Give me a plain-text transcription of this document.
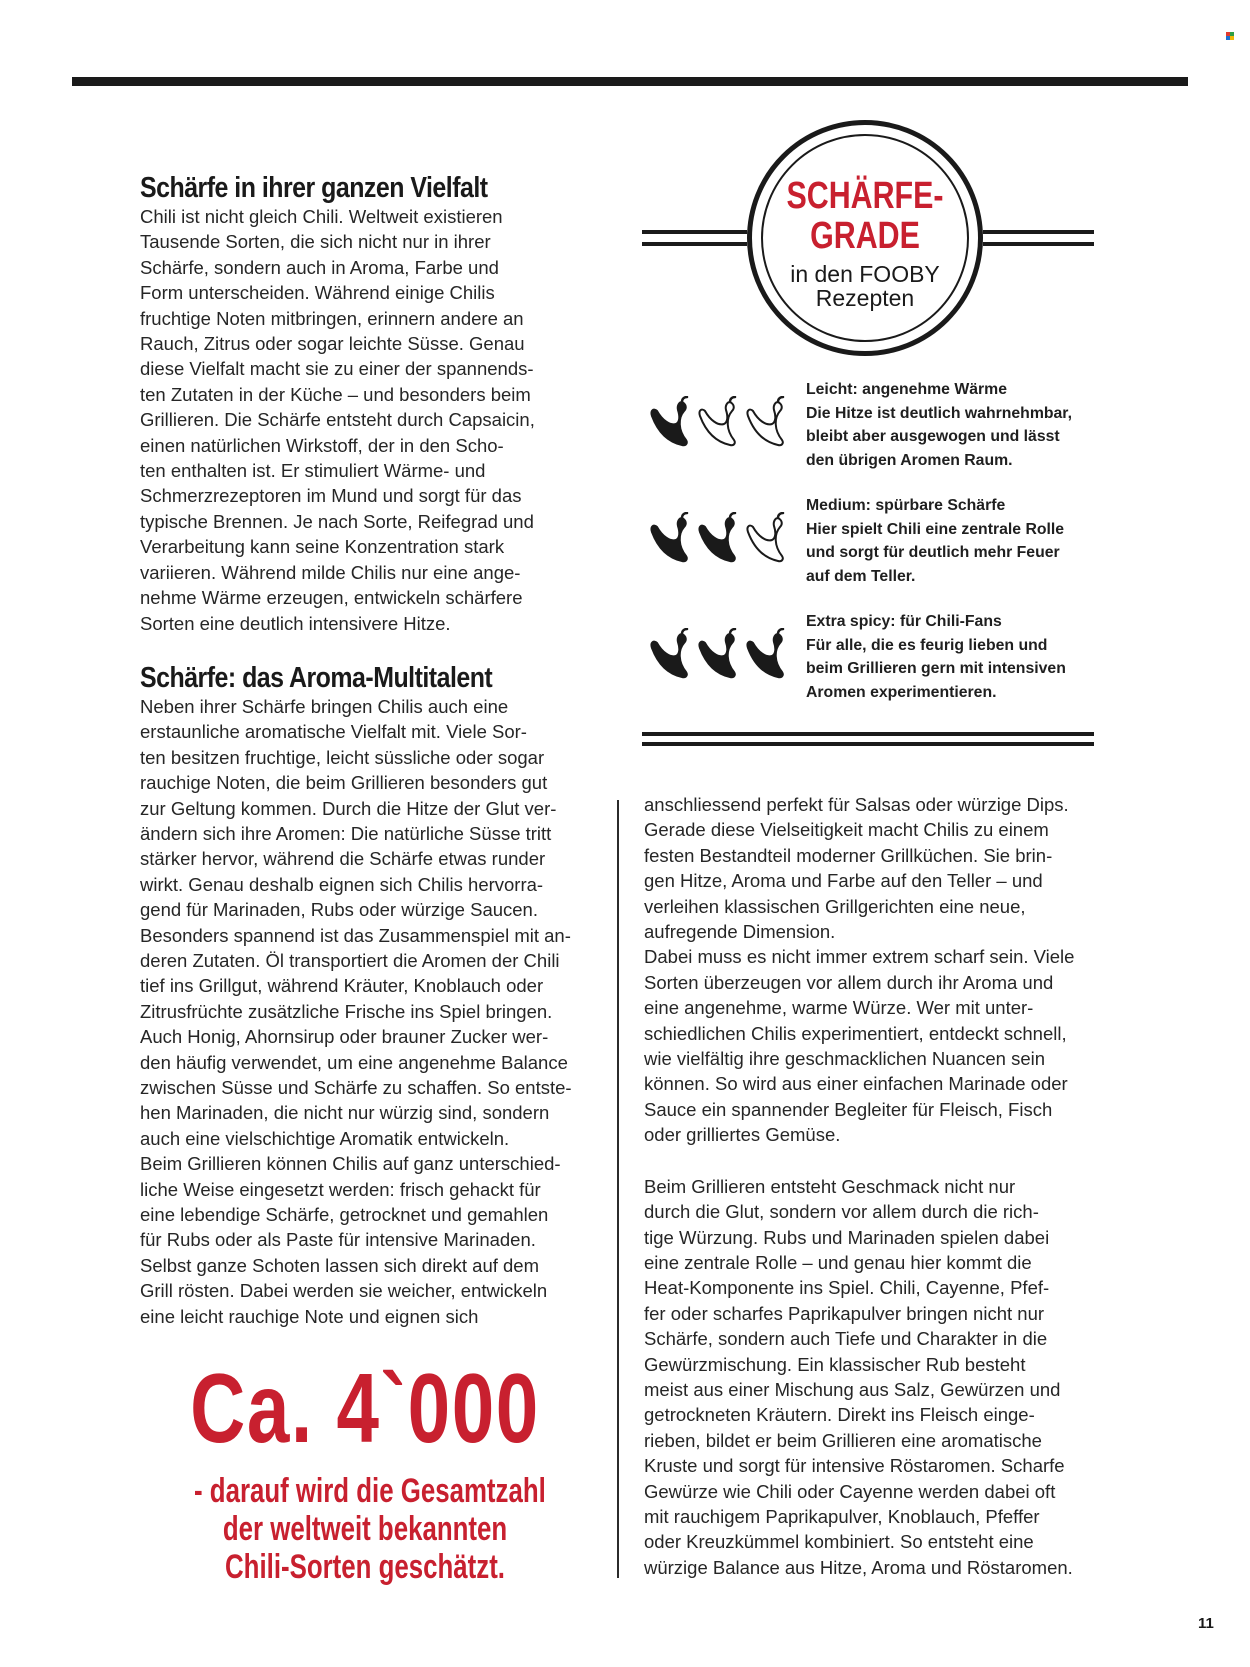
Schärfe in ihrer ganzen Vielfalt

Chili ist nicht gleich Chili. Weltweit existieren

Tausende Sorten, die sich nicht nur in ihrer

Schärfe, sondern auch in Aroma, Farbe und

Form unterscheiden. Während einige Chilis

fruchtige Noten mitbringen, erinnern andere an

Rauch, Zitrus oder sogar leichte Süsse. Genau

diese Vielfalt macht sie zu einer der spannends-

ten Zutaten in der Küche – und besonders beim

Grillieren. Die Schärfe entsteht durch Capsaicin,

einen natürlichen Wirkstoff, der in den Scho-

ten enthalten ist. Er stimuliert Wärme- und

Schmerzrezeptoren im Mund und sorgt für das

typische Brennen. Je nach Sorte, Reifegrad und

Verarbeitung kann seine Konzentration stark

variieren. Während milde Chilis nur eine ange-

nehme Wärme erzeugen, entwickeln schärfere

Sorten eine deutlich intensivere Hitze.

Schärfe: das Aroma-Multitalent

Neben ihrer Schärfe bringen Chilis auch eine

erstaunliche aromatische Vielfalt mit. Viele Sor-

ten besitzen fruchtige, leicht süssliche oder sogar

rauchige Noten, die beim Grillieren besonders gut

zur Geltung kommen. Durch die Hitze der Glut ver-

ändern sich ihre Aromen: Die natürliche Süsse tritt

stärker hervor, während die Schärfe etwas runder

wirkt. Genau deshalb eignen sich Chilis hervorra-

gend für Marinaden, Rubs oder würzige Saucen.

Besonders spannend ist das Zusammenspiel mit an-

deren Zutaten. Öl transportiert die Aromen der Chili

tief ins Grillgut, während Kräuter, Knoblauch oder

Zitrusfrüchte zusätzliche Frische ins Spiel bringen.

Auch Honig, Ahornsirup oder brauner Zucker wer-

den häufig verwendet, um eine angenehme Balance

zwischen Süsse und Schärfe zu schaffen. So entste-

hen Marinaden, die nicht nur würzig sind, sondern

auch eine vielschichtige Aromatik entwickeln.

Beim Grillieren können Chilis auf ganz unterschied-

liche Weise eingesetzt werden: frisch gehackt für

eine lebendige Schärfe, getrocknet und gemahlen

für Rubs oder als Paste für intensive Marinaden.

Selbst ganze Schoten lassen sich direkt auf dem

Grill rösten. Dabei werden sie weicher, entwickeln

eine leicht rauchige Note und eignen sich

Ca. 4`000
- darauf wird die Gesamtzahl
der weltweit bekannten
Chili-Sorten geschätzt.

anschliessend perfekt für Salsas oder würzige Dips.

Gerade diese Vielseitigkeit macht Chilis zu einem

festen Bestandteil moderner Grillküchen. Sie brin-

gen Hitze, Aroma und Farbe auf den Teller – und

verleihen klassischen Grillgerichten eine neue,

aufregende Dimension.

Dabei muss es nicht immer extrem scharf sein. Viele

Sorten überzeugen vor allem durch ihr Aroma und

eine angenehme, warme Würze. Wer mit unter-

schiedlichen Chilis experimentiert, entdeckt schnell,

wie vielfältig ihre geschmacklichen Nuancen sein

können. So wird aus einer einfachen Marinade oder

Sauce ein spannender Begleiter für Fleisch, Fisch

oder grilliertes Gemüse.

Beim Grillieren entsteht Geschmack nicht nur

durch die Glut, sondern vor allem durch die rich-

tige Würzung. Rubs und Marinaden spielen dabei

eine zentrale Rolle – und genau hier kommt die

Heat-Komponente ins Spiel. Chili, Cayenne, Pfef-

fer oder scharfes Paprikapulver bringen nicht nur

Schärfe, sondern auch Tiefe und Charakter in die

Gewürzmischung. Ein klassischer Rub besteht

meist aus einer Mischung aus Salz, Gewürzen und

getrockneten Kräutern. Direkt ins Fleisch einge-

rieben, bildet er beim Grillieren eine aromatische

Kruste und sorgt für intensive Röstaromen. Scharfe

Gewürze wie Chili oder Cayenne werden dabei oft

mit rauchigem Paprikapulver, Knoblauch, Pfeffer

oder Kreuzkümmel kombiniert. So entsteht eine

würzige Balance aus Hitze, Aroma und Röstaromen.

SCHÄRFE-
GRADE
in den FOOBY
Rezepten
Leicht: angenehme Wärme
Die Hitze ist deutlich wahrnehmbar,
bleibt aber ausgewogen und lässt
den übrigen Aromen Raum.
Medium: spürbare Schärfe
Hier spielt Chili eine zentrale Rolle
und sorgt für deutlich mehr Feuer
auf dem Teller.
Extra spicy: für Chili-Fans
Für alle, die es feurig lieben und
beim Grillieren gern mit intensiven
Aromen experimentieren.
11
